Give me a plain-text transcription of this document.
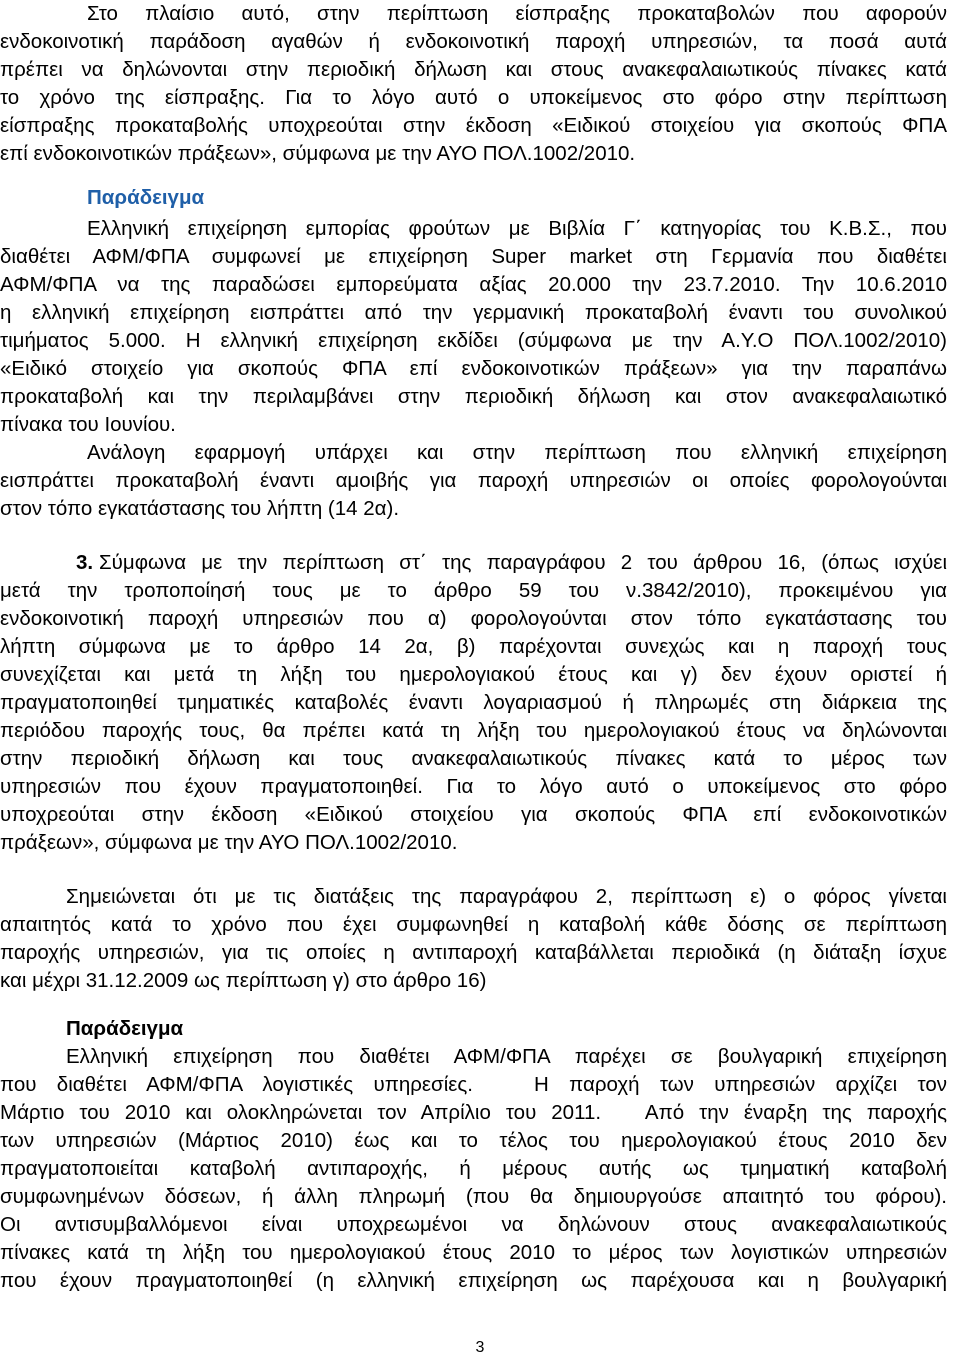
Στο πλαίσιο αυτό, στην περίπτωση είσπραξης προκαταβολών που αφορούν
ενδοκοινοτική παράδοση αγαθών ή ενδοκοινοτική παροχή υπηρεσιών, τα ποσά αυτά
πρέπει να δηλώνονται στην περιοδική δήλωση και στους ανακεφαλαιωτικούς πίνακες κατά
το χρόνο της είσπραξης. Για το λόγο αυτό ο υποκείμενος στο φόρο στην περίπτωση
είσπραξης προκαταβολής υποχρεούται στην έκδοση «Ειδικού στοιχείου για σκοπούς ΦΠΑ
επί ενδοκοινοτικών πράξεων», σύμφωνα με την ΑΥΟ ΠΟΛ.1002/2010.
Παράδειγμα
Ελληνική επιχείρηση εμπορίας φρούτων με Βιβλία Γ΄ κατηγορίας του Κ.Β.Σ., που
διαθέτει ΑΦΜ/ΦΠΑ συμφωνεί με επιχείρηση Super market στη Γερμανία που διαθέτει
ΑΦΜ/ΦΠΑ να της παραδώσει εμπορεύματα αξίας 20.000 την 23.7.2010. Την 10.6.2010
η ελληνική επιχείρηση εισπράττει από την γερμανική προκαταβολή έναντι του συνολικού
τιμήματος 5.000. Η ελληνική επιχείρηση εκδίδει (σύμφωνα με την Α.Υ.Ο ΠΟΛ.1002/2010)
«Ειδικό στοιχείο για σκοπούς ΦΠΑ επί ενδοκοινοτικών πράξεων» για την παραπάνω
προκαταβολή και την περιλαμβάνει στην περιοδική δήλωση και στον ανακεφαλαιωτικό
πίνακα του Ιουνίου.
Ανάλογη εφαρμογή υπάρχει και στην περίπτωση που ελληνική επιχείρηση
εισπράττει προκαταβολή έναντι αμοιβής για παροχή υπηρεσιών οι οποίες φορολογούνται
στον τόπο εγκατάστασης του λήπτη (14 2α).
3. Σύμφωνα με την περίπτωση στ΄ της παραγράφου 2 του άρθρου 16, (όπως ισχύει
μετά την τροποποίησή τους με το άρθρο 59 του ν.3842/2010), προκειμένου για
ενδοκοινοτική παροχή υπηρεσιών που α) φορολογούνται στον τόπο εγκατάστασης του
λήπτη σύμφωνα με το άρθρο 14 2α, β) παρέχονται συνεχώς και η παροχή τους
συνεχίζεται και μετά τη λήξη του ημερολογιακού έτους και γ) δεν έχουν οριστεί ή
πραγματοποιηθεί τμηματικές καταβολές έναντι λογαριασμού ή πληρωμές στη διάρκεια της
περιόδου παροχής τους, θα πρέπει κατά τη λήξη του ημερολογιακού έτους να δηλώνονται
στην περιοδική δήλωση και τους ανακεφαλαιωτικούς πίνακες κατά το μέρος των
υπηρεσιών που έχουν πραγματοποιηθεί. Για το λόγο αυτό ο υποκείμενος στο φόρο
υποχρεούται στην έκδοση «Ειδικού στοιχείου για σκοπούς ΦΠΑ επί ενδοκοινοτικών
πράξεων», σύμφωνα με την ΑΥΟ ΠΟΛ.1002/2010.
Σημειώνεται ότι με τις διατάξεις της παραγράφου 2, περίπτωση ε) ο φόρος γίνεται
απαιτητός κατά το χρόνο που έχει συμφωνηθεί η καταβολή κάθε δόσης σε περίπτωση
παροχής υπηρεσιών, για τις οποίες η αντιπαροχή καταβάλλεται περιοδικά (η διάταξη ίσχυε
και μέχρι 31.12.2009 ως περίπτωση γ) στο άρθρο 16)
Παράδειγμα
Ελληνική επιχείρηση που διαθέτει ΑΦΜ/ΦΠΑ παρέχει σε βουλγαρική επιχείρηση
που διαθέτει ΑΦΜ/ΦΠΑ λογιστικές υπηρεσίες.   Η παροχή των υπηρεσιών αρχίζει τον
Μάρτιο του 2010 και ολοκληρώνεται τον Απρίλιο του 2011.   Από την έναρξη της παροχής
των υπηρεσιών (Μάρτιος 2010) έως και το τέλος του ημερολογιακού έτους 2010 δεν
πραγματοποιείται καταβολή αντιπαροχής, ή μέρους αυτής ως τμηματική καταβολή
συμφωνημένων δόσεων, ή άλλη πληρωμή (που θα δημιουργούσε απαιτητό του φόρου).
Οι αντισυμβαλλόμενοι είναι υποχρεωμένοι να δηλώνουν στους ανακεφαλαιωτικούς
πίνακες κατά τη λήξη του ημερολογιακού έτους 2010 το μέρος των λογιστικών υπηρεσιών
που έχουν πραγματοποιηθεί (η ελληνική επιχείρηση ως παρέχουσα και η βουλγαρική
3
